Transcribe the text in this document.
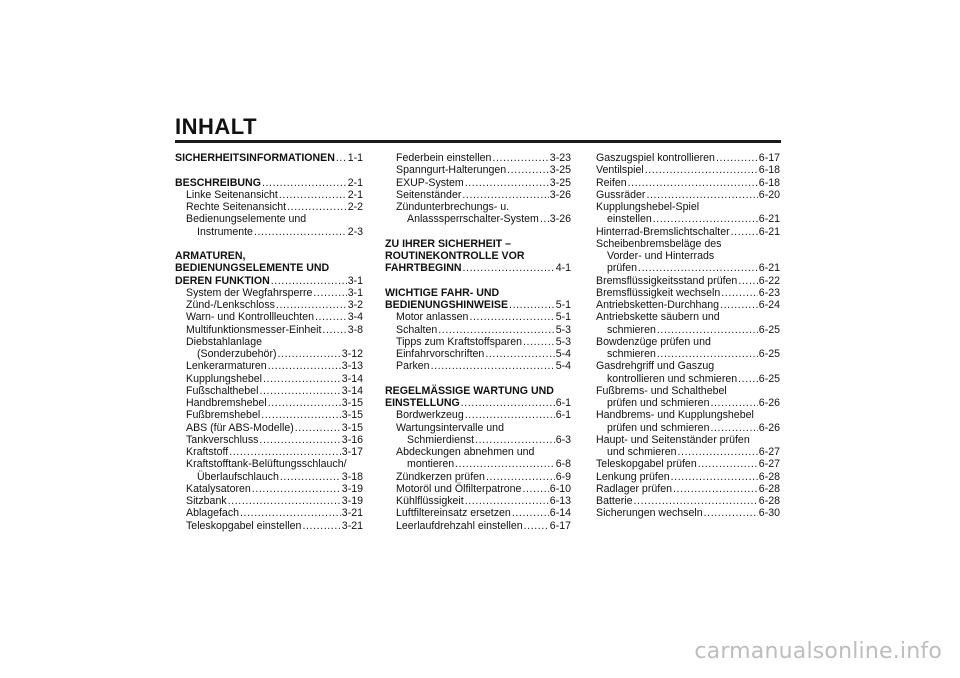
INHALT
SICHERHEITSINFORMATIONEN ..... 1-1
BESCHREIBUNG .....	2-1
Linke Seitenansicht .....	2-1
Rechte Seitenansicht .....	2-2
Bedienungselemente und
Instrumente .....	2-3
ARMATUREN,
BEDIENUNGSELEMENTE UND
DEREN FUNKTION .....	3-1
System der Wegfahrsperre .....	3-1
Zünd-/Lenkschloss .....	3-2
Warn- und Kontrollleuchten .....	3-4
Multifunktionsmesser-Einheit ..... 3-8
Diebstahlanlage
(Sonderzubehör) .....	3-12
Lenkerarmaturen .....	3-13
Kupplungshebel .....	3-14
Fußschalthebel .....	3-14
Handbremshebel .....	3-15
Fußbremshebel .....	3-15
ABS (für ABS-Modelle) .....	3-15
Tankverschluss .....	3-16
Kraftstoff .....	3-17
Kraftstofftank-Belüftungsschlauch/
Überlaufschlauch .....	3-18
Katalysatoren .....	3-19
Sitzbank .....	3-19
Ablagefach .....	3-21
Teleskopgabel einstellen .....	3-21
Federbein einstellen .....	3-23
Spanngurt-Halterungen .....	3-25
EXUP-System .....	3-25
Seitenständer .....	3-26
Zündunterbrechungs- u.
Anlasssperrschalter-System ..... 3-26
ZU IHRER SICHERHEIT –
ROUTINEKONTROLLE VOR
FAHRTBEGINN .....	4-1
WICHTIGE FAHR- UND
BEDIENUNGSHINWEISE .....	5-1
Motor anlassen .....	5-1
Schalten .....	5-3
Tipps zum Kraftstoffsparen .....	5-3
Einfahrvorschriften .....	5-4
Parken .....	5-4
REGELMÄSSIGE WARTUNG UND
EINSTELLUNG .....	6-1
Bordwerkzeug .....	6-1
Wartungsintervalle und
Schmierdienst .....	6-3
Abdeckungen abnehmen und
montieren .....	6-8
Zündkerzen prüfen .....	6-9
Motoröl und Ölfilterpatrone .....	6-10
Kühlflüssigkeit .....	6-13
Luftfiltereinsatz ersetzen .....	6-14
Leerlaufdrehzahl einstellen .....	6-17
Gaszugspiel kontrollieren .....	6-17
Ventilspiel .....	6-18
Reifen .....	6-18
Gussräder .....	6-20
Kupplungshebel-Spiel
einstellen .....	6-21
Hinterrad-Bremslichtschalter .....	6-21
Scheibenbremsbeläge des
Vorder- und Hinterrads
prüfen .....	6-21
Bremsflüssigkeitsstand prüfen ..... 6-22
Bremsflüssigkeit wechseln .....	6-23
Antriebsketten-Durchhang .....	6-24
Antriebskette säubern und
schmieren .....	6-25
Bowdenzüge prüfen und
schmieren .....	6-25
Gasdrehgriff und Gaszug
kontrollieren und schmieren ..... 6-25
Fußbrems- und Schalthebel
prüfen und schmieren .....	6-26
Handbrems- und Kupplungshebel
prüfen und schmieren .....	6-26
Haupt- und Seitenständer prüfen
und schmieren .....	6-27
Teleskopgabel prüfen .....	6-27
Lenkung prüfen .....	6-28
Radlager prüfen .....	6-28
Batterie .....	6-28
Sicherungen wechseln .....	6-30
carmanualsonline.info
